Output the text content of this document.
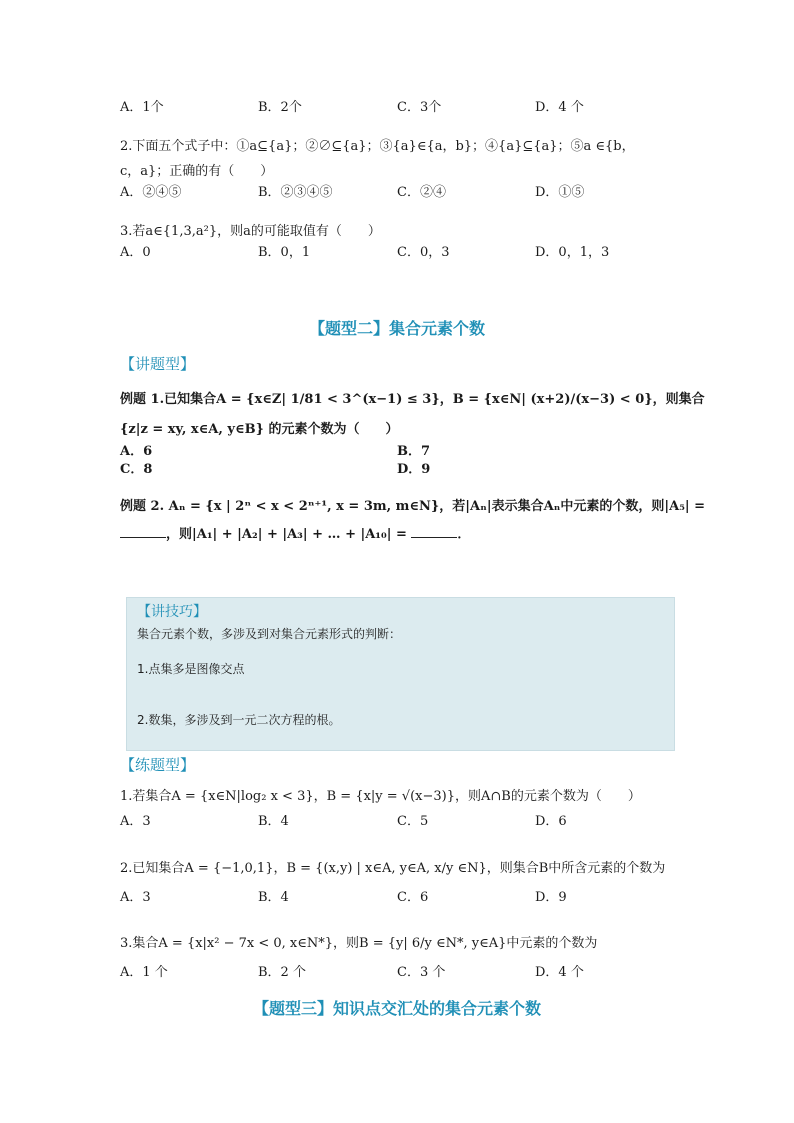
A．1个	B．2个	C．3个	D．4 个
2.下面五个式子中：①a⊆{a}；②∅⊆{a}；③{a}∈{a，b}；④{a}⊆{a}；⑤a ∈{b，
c，a}；正确的有（　　）
A．②④⑤	B．②③④⑤	C．②④	D．①⑤
3.若a∈{1,3,a²}，则a的可能取值有（　　）
A．0	B．0，1	C．0，3	D．0，1，3
【题型二】集合元素个数
【讲题型】
例题 1.已知集合A = {x∈Z| 1/81 < 3^(x−1) ≤ 3}，B = {x∈N| (x+2)/(x−3) < 0}，则集合
{z|z = xy, x∈A, y∈B} 的元素个数为（　　）
A．6	B．7
C．8	D．9
例题 2. Aₙ = {x | 2ⁿ < x < 2ⁿ⁺¹, x = 3m, m∈N}，若|Aₙ|表示集合Aₙ中元素的个数，则|A₅| =
，则|A₁| + |A₂| + |A₃| + … + |A₁₀| =	．
【讲技巧】
集合元素个数，多涉及到对集合元素形式的判断：
1.点集多是图像交点
2.数集，多涉及到一元二次方程的根。
【练题型】
1.若集合A = {x∈N|log₂ x < 3}，B = {x|y = √(x−3)}，则A∩B的元素个数为（　　）
A．3	B．4	C．5	D．6
2.已知集合A = {−1,0,1}，B = {(x,y) | x∈A, y∈A, x/y ∈N}，则集合B中所含元素的个数为
A．3	B．4	C．6	D．9
3.集合A = {x|x² − 7x < 0, x∈N*}，则B = {y| 6/y ∈N*, y∈A}中元素的个数为
A．1 个	B．2 个	C．3 个	D．4 个
【题型三】知识点交汇处的集合元素个数
